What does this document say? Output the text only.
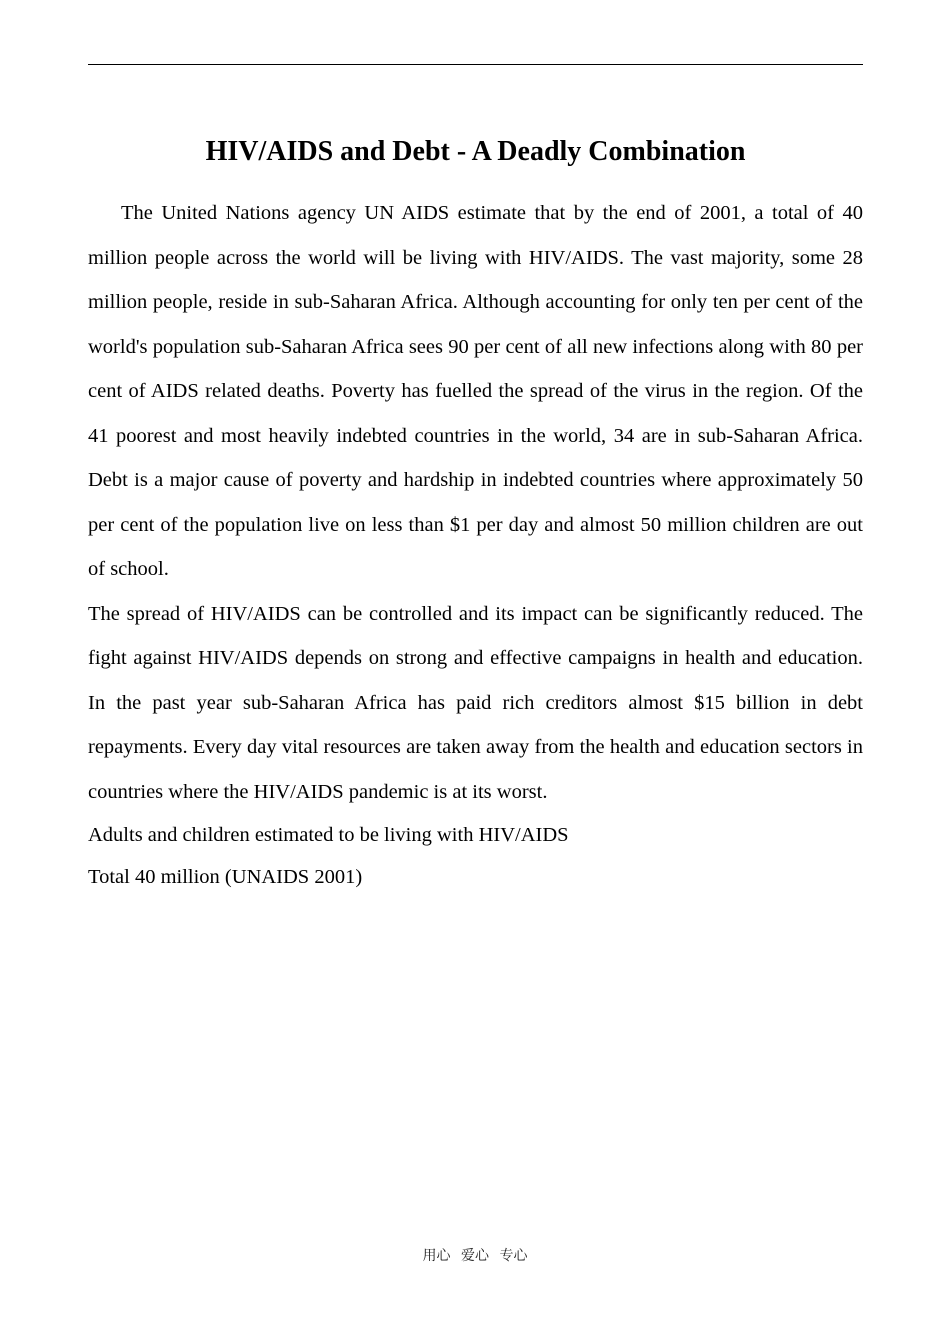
HIV/AIDS and Debt - A Deadly Combination

The United Nations agency UN AIDS estimate that by the end of 2001, a total of 40 million people across the world will be living with HIV/AIDS. The vast majority, some 28 million people, reside in sub-Saharan Africa. Although accounting for only ten per cent of the world's population sub-Saharan Africa sees 90 per cent of all new infections along with 80 per cent of AIDS related deaths. Poverty has fuelled the spread of the virus in the region. Of the 41 poorest and most heavily indebted countries in the world, 34 are in sub-Saharan Africa. Debt is a major cause of poverty and hardship in indebted countries where approximately 50 per cent of the population live on less than $1 per day and almost 50 million children are out of school.

The spread of HIV/AIDS can be controlled and its impact can be significantly reduced. The fight against HIV/AIDS depends on strong and effective campaigns in health and education. In the past year sub-Saharan Africa has paid rich creditors almost $15 billion in debt repayments. Every day vital resources are taken away from the health and education sectors in countries where the HIV/AIDS pandemic is at its worst.

Adults and children estimated to be living with HIV/AIDS

Total 40 million (UNAIDS 2001)

用心 爱心 专心
